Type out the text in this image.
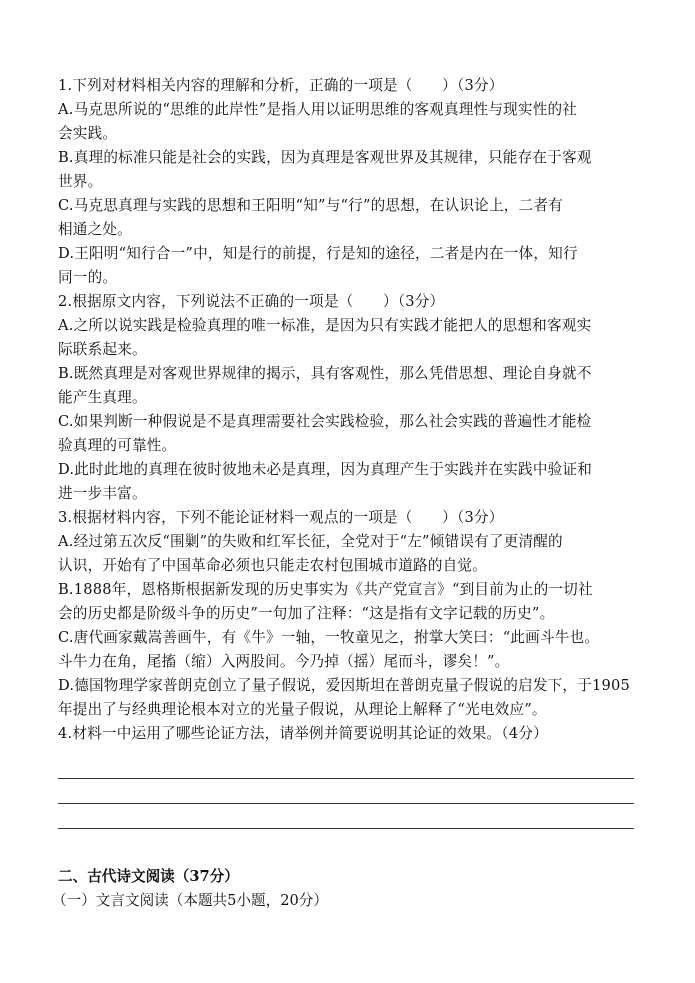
1.下列对材料相关内容的理解和分析，正确的一项是（　　）（3分）
A.马克思所说的“思维的此岸性”是指人用以证明思维的客观真理性与现实性的社
会实践。
B.真理的标准只能是社会的实践，因为真理是客观世界及其规律，只能存在于客观
世界。
C.马克思真理与实践的思想和王阳明“知”与“行”的思想，在认识论上，二者有
相通之处。
D.王阳明“知行合一”中，知是行的前提，行是知的途径，二者是内在一体，知行
同一的。
2.根据原文内容，下列说法不正确的一项是（　　）（3分）
A.之所以说实践是检验真理的唯一标准，是因为只有实践才能把人的思想和客观实
际联系起来。
B.既然真理是对客观世界规律的揭示，具有客观性，那么凭借思想、理论自身就不
能产生真理。
C.如果判断一种假说是不是真理需要社会实践检验，那么社会实践的普遍性才能检
验真理的可靠性。
D.此时此地的真理在彼时彼地未必是真理，因为真理产生于实践并在实践中验证和
进一步丰富。
3.根据材料内容，下列不能论证材料一观点的一项是（　　）（3分）
A.经过第五次反“围剿”的失败和红军长征，全党对于“左”倾错误有了更清醒的
认识，开始有了中国革命必须也只能走农村包围城市道路的自觉。
B.1888年，恩格斯根据新发现的历史事实为《共产党宣言》“到目前为止的一切社
会的历史都是阶级斗争的历史”一句加了注释：“这是指有文字记载的历史”。
C.唐代画家戴嵩善画牛，有《牛》一轴，一牧童见之，拊掌大笑曰：“此画斗牛也。
斗牛力在角，尾搐（缩）入两股间。今乃掉（摇）尾而斗，谬矣！”。
D.德国物理学家普朗克创立了量子假说，爱因斯坦在普朗克量子假说的启发下，于1905
年提出了与经典理论根本对立的光量子假说，从理论上解释了“光电效应”。
4.材料一中运用了哪些论证方法，请举例并简要说明其论证的效果。（4分）
二、古代诗文阅读（37分）
（一）文言文阅读（本题共5小题，20分）
